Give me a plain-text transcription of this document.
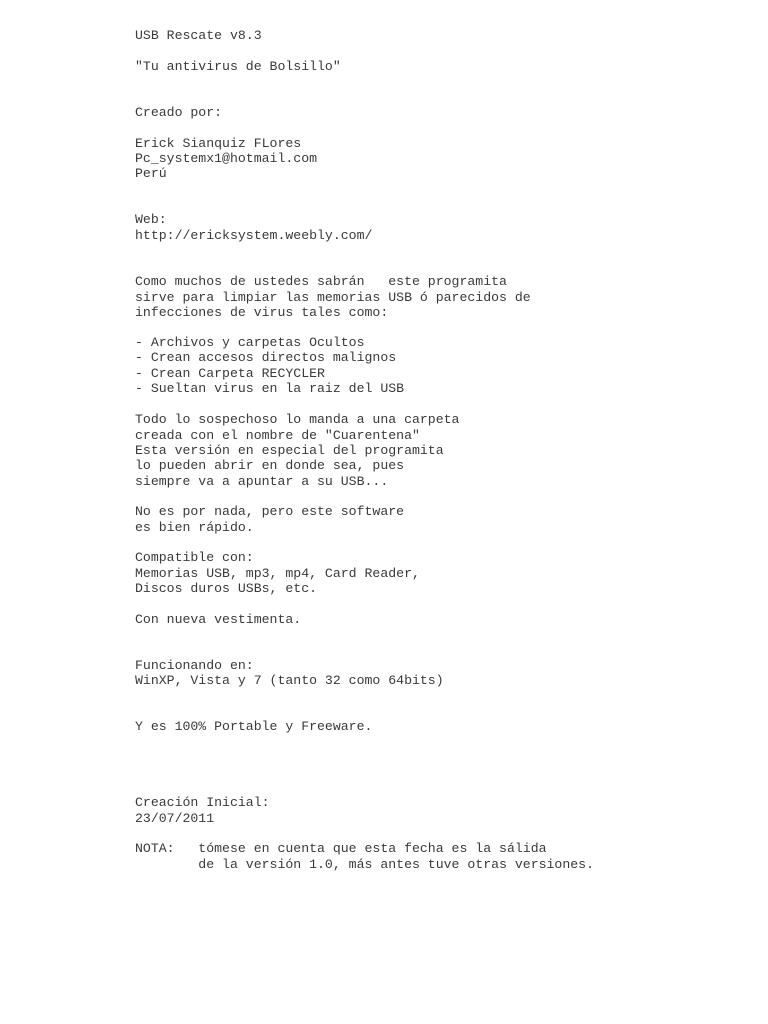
USB Rescate v8.3

"Tu antivirus de Bolsillo"

Creado por:

Erick Sianquiz FLores

Pc_systemx1@hotmail.com

Perú

Web:

http://ericksystem.weebly.com/

Como muchos de ustedes sabrán   este programita

sirve para limpiar las memorias USB ó parecidos de

infecciones de virus tales como:

- Archivos y carpetas Ocultos

- Crean accesos directos malignos

- Crean Carpeta RECYCLER

- Sueltan virus en la raiz del USB

Todo lo sospechoso lo manda a una carpeta

creada con el nombre de "Cuarentena"

Esta versión en especial del programita

lo pueden abrir en donde sea, pues

siempre va a apuntar a su USB...

No es por nada, pero este software

es bien rápido.

Compatible con:

Memorias USB, mp3, mp4, Card Reader,

Discos duros USBs, etc.

Con nueva vestimenta.

Funcionando en:

WinXP, Vista y 7 (tanto 32 como 64bits)

Y es 100% Portable y Freeware.

Creación Inicial:

23/07/2011

NOTA:   tómese en cuenta que esta fecha es la sálida

de la versión 1.0, más antes tuve otras versiones.
